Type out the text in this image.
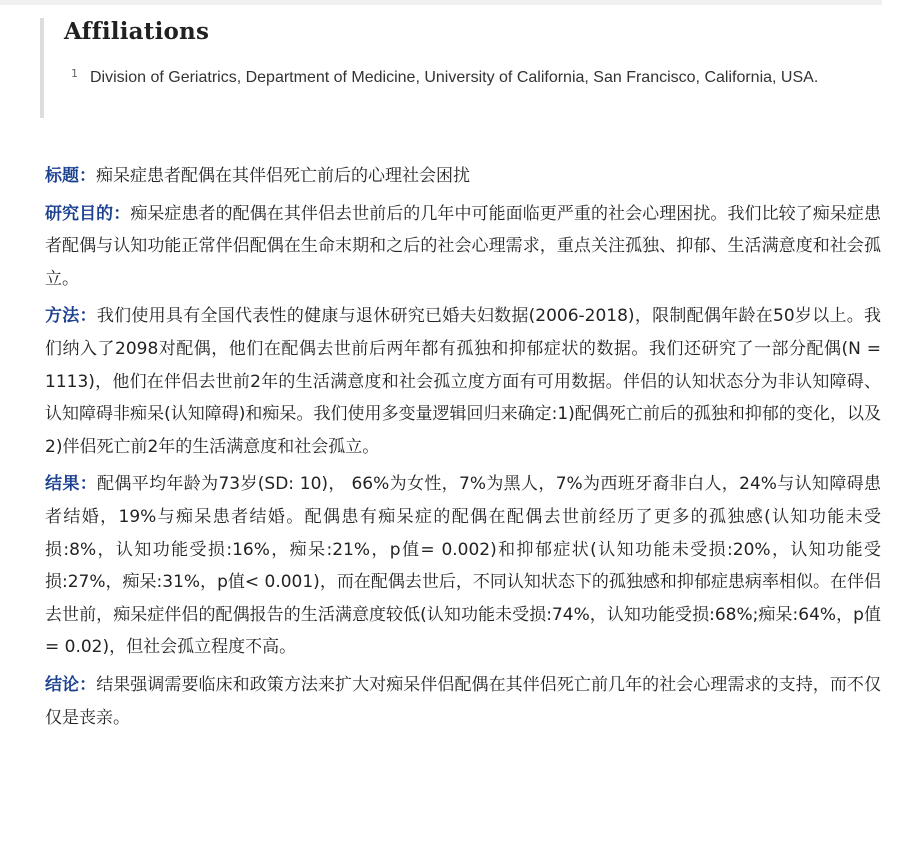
Affiliations
1 Division of Geriatrics, Department of Medicine, University of California, San Francisco, California, USA.

标题：痴呆症患者配偶在其伴侣死亡前后的心理社会困扰

研究目的：痴呆症患者的配偶在其伴侣去世前后的几年中可能面临更严重的社会心理困扰。我们比较了痴呆症患者配偶与认知功能正常伴侣配偶在生命末期和之后的社会心理需求，重点关注孤独、抑郁、生活满意度和社会孤立。

方法：我们使用具有全国代表性的健康与退休研究已婚夫妇数据(2006-2018)，限制配偶年龄在50岁以上。我们纳入了2098对配偶，他们在配偶去世前后两年都有孤独和抑郁症状的数据。我们还研究了一部分配偶(N = 1113)，他们在伴侣去世前2年的生活满意度和社会孤立度方面有可用数据。伴侣的认知状态分为非认知障碍、认知障碍非痴呆(认知障碍)和痴呆。我们使用多变量逻辑回归来确定:1)配偶死亡前后的孤独和抑郁的变化，以及2)伴侣死亡前2年的生活满意度和社会孤立。

结果：配偶平均年龄为73岁(SD: 10)， 66%为女性，7%为黑人，7%为西班牙裔非白人，24%与认知障碍患者结婚，19%与痴呆患者结婚。配偶患有痴呆症的配偶在配偶去世前经历了更多的孤独感(认知功能未受损:8%，认知功能受损:16%，痴呆:21%，p值= 0.002)和抑郁症状(认知功能未受损:20%，认知功能受损:27%，痴呆:31%，p值< 0.001)，而在配偶去世后，不同认知状态下的孤独感和抑郁症患病率相似。在伴侣去世前，痴呆症伴侣的配偶报告的生活满意度较低(认知功能未受损:74%，认知功能受损:68%;痴呆:64%，p值= 0.02)，但社会孤立程度不高。

结论：结果强调需要临床和政策方法来扩大对痴呆伴侣配偶在其伴侣死亡前几年的社会心理需求的支持，而不仅仅是丧亲。
